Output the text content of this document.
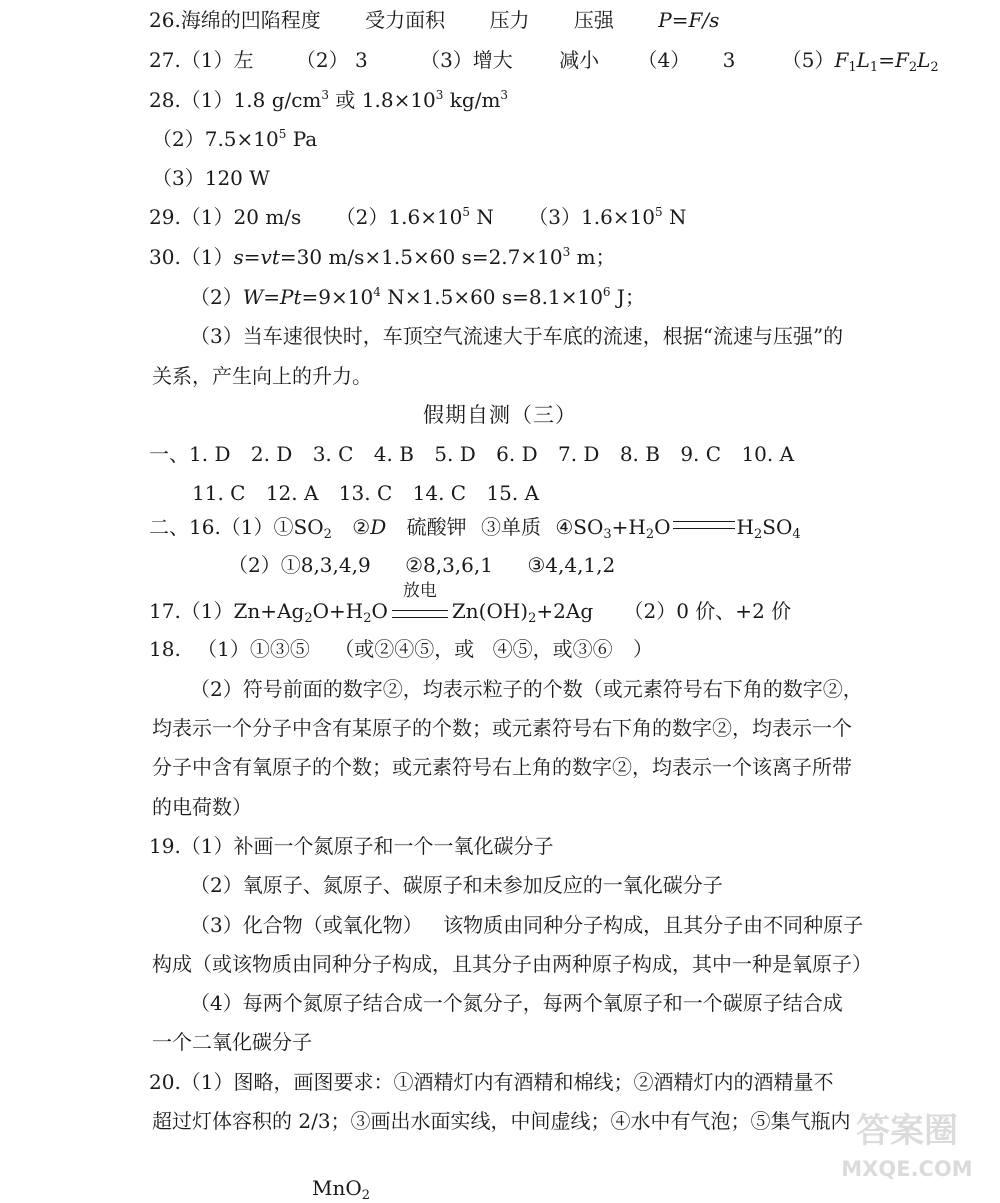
26.海绵的凹陷程度 受力面积 压力 压强 P=F/s
27.（1）左 （2） 3	（3）增大 减小 （4） 3 $(5)F_1L_1=F_2L_2$
28.（1）1.8 $g/cm^3$ 或 $1.8\times 10^3$ $kg/m^3$
$(2)7.5\times 10^5$ Pa
（3）120 W
29.（1）20 m/s $(2)1.6\times 10^5$ N $(3)1.6\times 10^5$ N
30.（1）s=vt=30 m/s×1.5×60 $s=2.7\times 10^3$ m；
$(2)W=Pt=9\times 10^4$ N×1.5×60 $s=8.1\times 10^6$ J；
（3）当车速很快时，车顶空气流速大于车底的流速，根据“流速与压强”的
关系，产生向上的升力。
假期自测（三）
一、1. D 2. D 3. C 4. B 5. D 6. D 7. D 8. B 9. C 10. A
11. C 12. A 13. C 14. C 15. A
二、$16.(1)①SO_2$ ②D 硫酸钾 ③单质 $④SO_3+H_2O$	$H_2SO_4$
（2）①8,3,4,9 ②8,3,6,1 ③4,4,1,2
$17.(1)Zn+Ag_2O+H_2O$
放电
$Zn(OH)_2+2Ag$ （2）0 价、+2 价
18. （1）①③⑤ （或②④⑤，或 ④⑤，或③⑥ ）
（2）符号前面的数字②，均表示粒子的个数（或元素符号右下角的数字②，
均表示一个分子中含有某原子的个数；或元素符号右下角的数字②，均表示一个
分子中含有氧原子的个数；或元素符号右上角的数字②，均表示一个该离子所带
的电荷数）
19.（1）补画一个氮原子和一个一氧化碳分子
（2）氧原子、氮原子、碳原子和未参加反应的一氧化碳分子
（3）化合物（或氧化物） 该物质由同种分子构成，且其分子由不同种原子
构成（或该物质由同种分子构成，且其分子由两种原子构成，其中一种是氧原子）
（4）每两个氮原子结合成一个氮分子，每两个氧原子和一个碳原子结合成
一个二氧化碳分子
20.（1）图略，画图要求：①酒精灯内有酒精和棉线；②酒精灯内的酒精量不
超过灯体容积的 2/3；③画出水面实线，中间虚线；④水中有气泡；⑤集气瓶内
MnO$_2$
答案圈
MXQE.COM
